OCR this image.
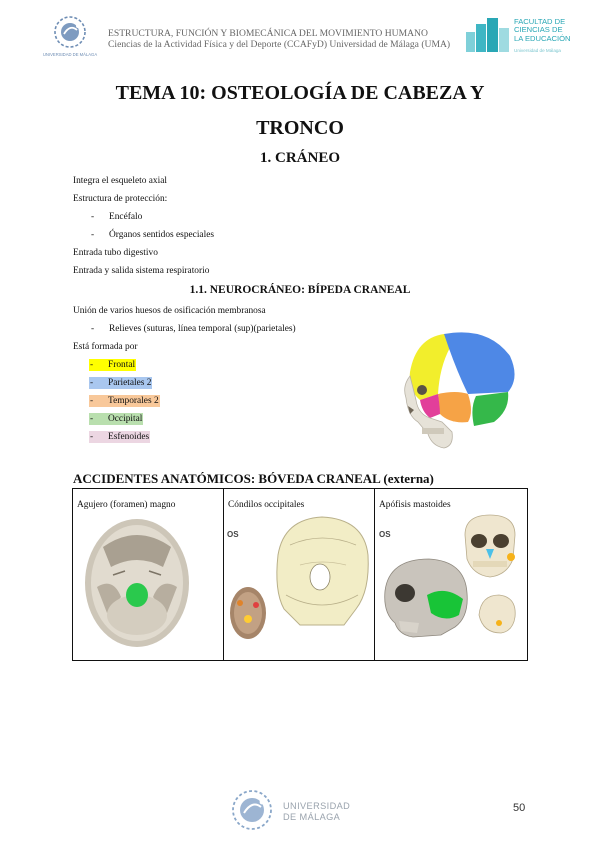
UNIVERSIDAD DE MÁLAGA
ESTRUCTURA, FUNCIÓN Y BIOMECÁNICA DEL MOVIMIENTO HUMANO
Ciencias de la Actividad Física y del Deporte (CCAFyD) Universidad de Málaga (UMA)
FACULTAD DE
CIENCIAS DE
LA EDUCACIÓN
Universidad de Málaga
TEMA 10: OSTEOLOGÍA DE CABEZA Y
TRONCO
1. CRÁNEO
Integra el esqueleto axial
Estructura de protección:
- Encéfalo
- Órganos sentidos especiales
Entrada tubo digestivo
Entrada y salida sistema respiratorio
1.1. NEUROCRÁNEO: BÍPEDA CRANEAL
Unión de varios huesos de osificación membranosa
- Relieves (suturas, línea temporal (sup)(parietales)
Está formada por
- Frontal
- Parietales 2
- Temporales 2
- Occipital
- Esfenoides
ACCIDENTES ANATÓMICOS: BÓVEDA CRANEAL (externa)
Agujero (foramen) magno	Cóndilos occipitales
OS
Apófisis mastoides
OS
UNIVERSIDAD
DE MÁLAGA
50
